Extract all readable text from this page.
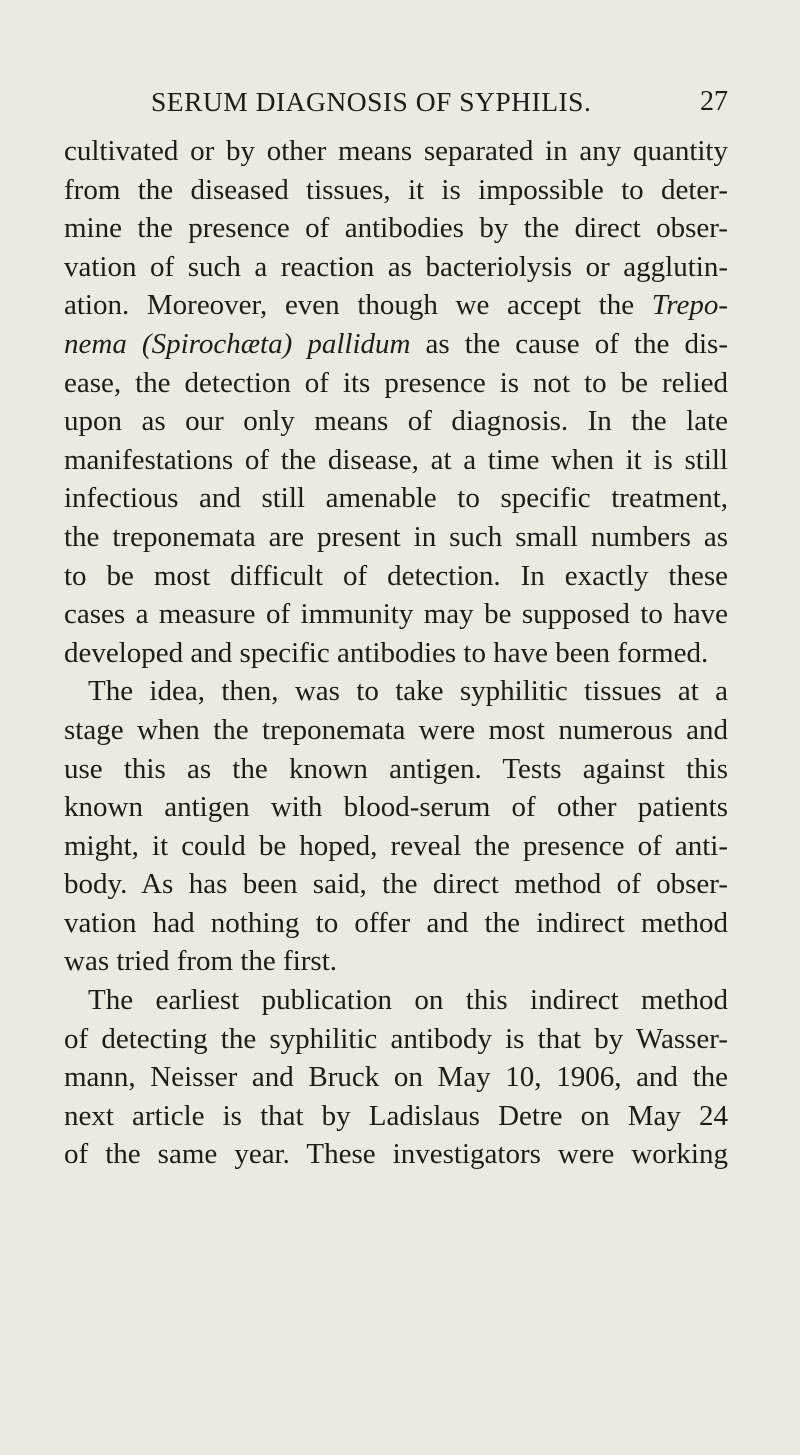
SERUM DIAGNOSIS OF SYPHILIS.	27
cultivated or by other means separated in any quantity
from the diseased tissues, it is impossible to deter-
mine the presence of antibodies by the direct obser-
vation of such a reaction as bacteriolysis or agglutin-
ation. Moreover, even though we accept the Trepo-
nema (Spirochæta) pallidum as the cause of the dis-
ease, the detection of its presence is not to be relied
upon as our only means of diagnosis. In the late
manifestations of the disease, at a time when it is still
infectious and still amenable to specific treatment,
the treponemata are present in such small numbers as
to be most difficult of detection. In exactly these
cases a measure of immunity may be supposed to have
developed and specific antibodies to have been formed.
The idea, then, was to take syphilitic tissues at a
stage when the treponemata were most numerous and
use this as the known antigen. Tests against this
known antigen with blood-serum of other patients
might, it could be hoped, reveal the presence of anti-
body. As has been said, the direct method of obser-
vation had nothing to offer and the indirect method
was tried from the first.
The earliest publication on this indirect method
of detecting the syphilitic antibody is that by Wasser-
mann, Neisser and Bruck on May 10, 1906, and the
next article is that by Ladislaus Detre on May 24
of the same year. These investigators were working
